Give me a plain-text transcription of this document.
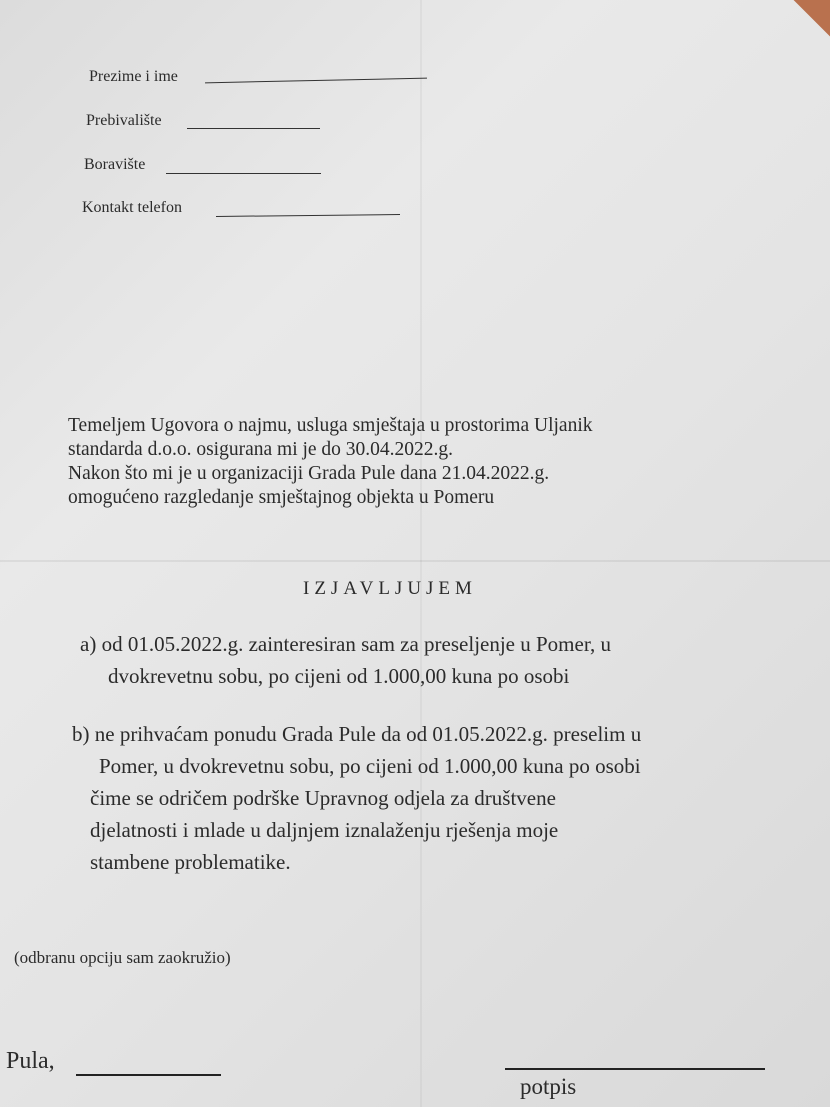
Prezime i ime
Prebivalište
Boravište
Kontakt telefon

Temeljem Ugovora o najmu, usluga smještaja u prostorima Uljanik
standarda d.o.o. osigurana mi je do 30.04.2022.g.
Nakon što mi je u organizaciji Grada Pule dana 21.04.2022.g.
omogućeno razgledanje smještajnog objekta u Pomeru

IZJAVLJUJEM
a) od 01.05.2022.g. zainteresiran sam za preseljenje u Pomer, u
dvokrevetnu sobu, po cijeni od 1.000,00 kuna po osobi
b) ne prihvaćam ponudu Grada Pule da od 01.05.2022.g. preselim u
Pomer, u dvokrevetnu sobu, po cijeni od 1.000,00 kuna po osobi
čime se odričem podrške Upravnog odjela za društvene
djelatnosti i mlade u daljnjem iznalaženju rješenja moje
stambene problematike.
(odbranu opciju sam zaokružio)
Pula,
potpis
